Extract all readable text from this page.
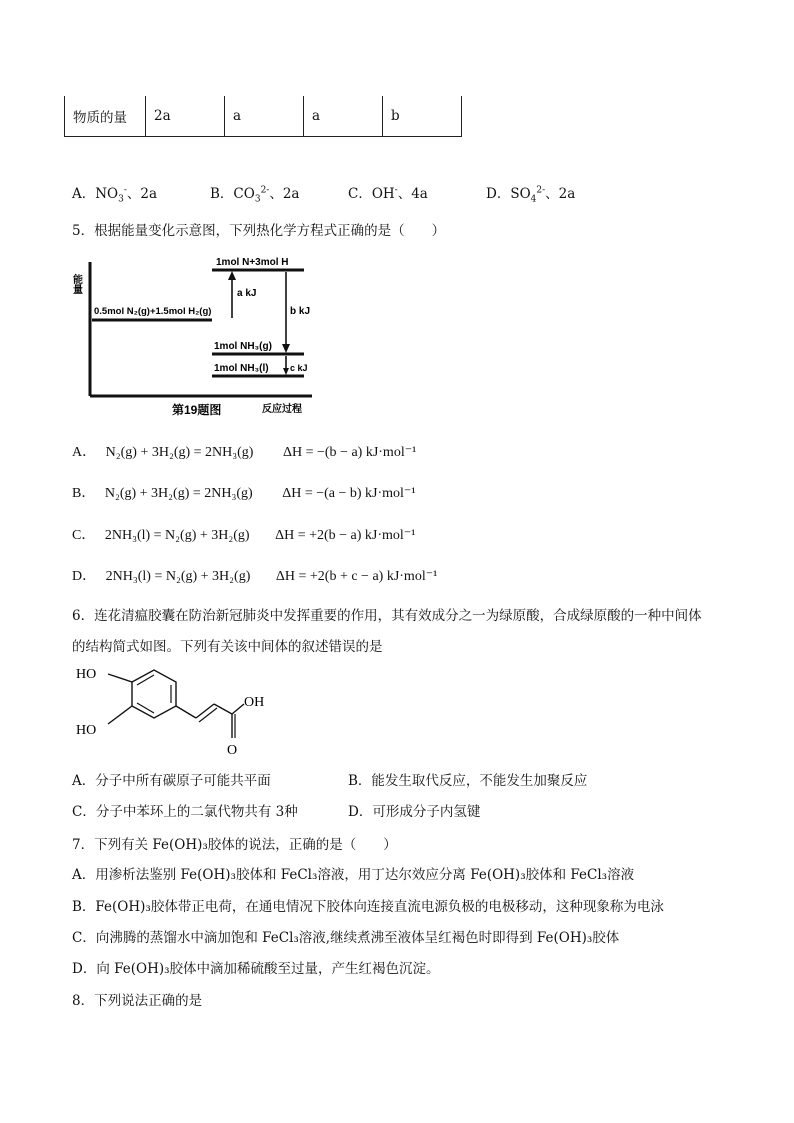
物质的量	2a	a	a	b
A．$NO_3^-$、2a	B．$CO_3^{2-}$、2a	C．OH-、4a	D．$SO_4^{2-}$、2a
5．根据能量变化示意图，下列热化学方程式正确的是（　　）
能量
0.5mol N₂(g)+1.5mol H₂(g)
1mol N+3mol H
a kJ
b kJ
1mol NH₃(g)
1mol NH₃(l) c kJ
第19题图	反应过程
A． N₂(g) + 3H₂(g) = 2NH₃(g) ΔH = −(b − a) kJ·mol⁻¹
B． N₂(g) + 3H₂(g) = 2NH₃(g) ΔH = −(a − b) kJ·mol⁻¹
C． 2NH₃(l) = N₂(g) + 3H₂(g) ΔH = +2(b − a) kJ·mol⁻¹
D． 2NH₃(l) = N₂(g) + 3H₂(g) ΔH = +2(b + c − a) kJ·mol⁻¹
6．连花清瘟胶囊在防治新冠肺炎中发挥重要的作用，其有效成分之一为绿原酸，合成绿原酸的一种中间体
的结构简式如图。下列有关该中间体的叙述错误的是
HO
HO
OH
O
A．分子中所有碳原子可能共平面	B．能发生取代反应，不能发生加聚反应
C．分子中苯环上的二氯代物共有 3种	D．可形成分子内氢键
7．下列有关 Fe(OH)₃胶体的说法，正确的是（　　）
A．用渗析法鉴别 Fe(OH)₃胶体和 FeCl₃溶液，用丁达尔效应分离 Fe(OH)₃胶体和 FeCl₃溶液
B．Fe(OH)₃胶体带正电荷，在通电情况下胶体向连接直流电源负极的电极移动，这种现象称为电泳
C．向沸腾的蒸馏水中滴加饱和 FeCl₃溶液,继续煮沸至液体呈红褐色时即得到 Fe(OH)₃胶体
D．向 Fe(OH)₃胶体中滴加稀硫酸至过量，产生红褐色沉淀。
8．下列说法正确的是
